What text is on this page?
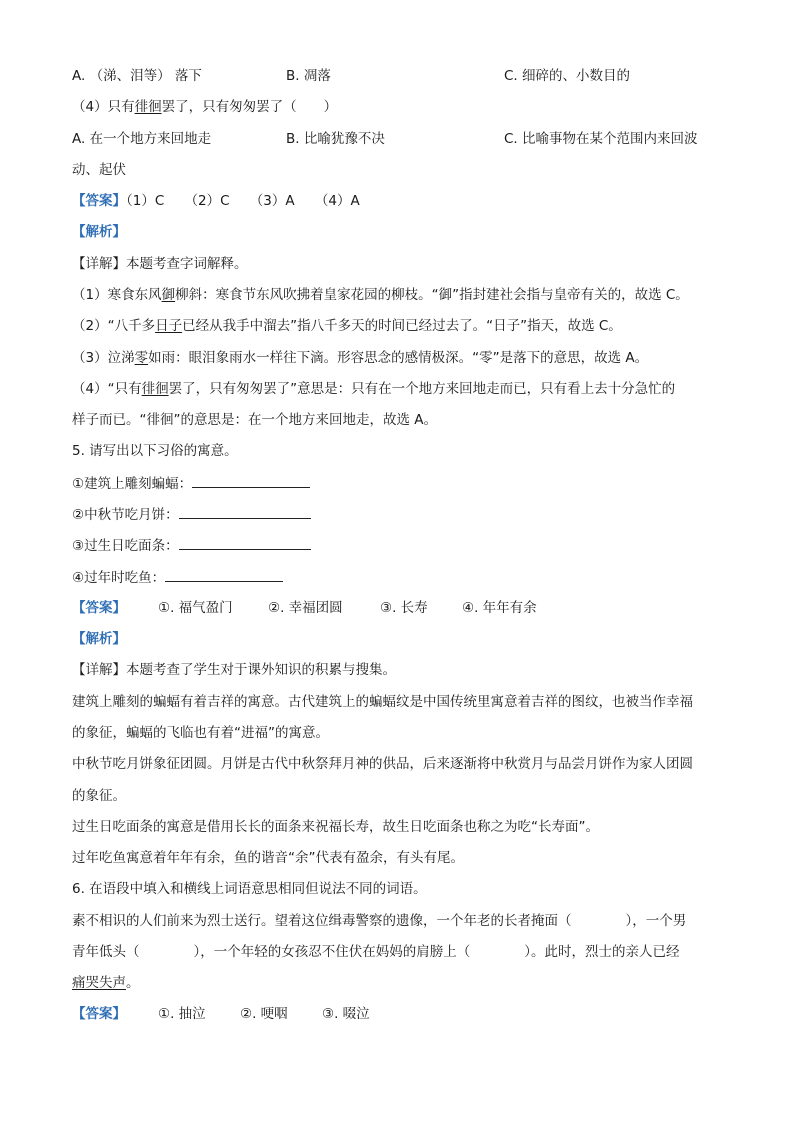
A. （涕、泪等） 落下	B. 凋落	C. 细碎的、小数目的
（4）只有徘徊罢了，只有匆匆罢了（　　）
A. 在一个地方来回地走	B. 比喻犹豫不决	C. 比喻事物在某个范围内来回波
动、起伏
【答案】（1）C　　（2）C　　（3）A　　（4）A
【解析】
【详解】本题考查字词解释。
（1）寒食东风御柳斜：寒食节东风吹拂着皇家花园的柳枝。“御”指封建社会指与皇帝有关的，故选 C。
（2）“八千多日子已经从我手中溜去”指八千多天的时间已经过去了。“日子”指天，故选 C。
（3）泣涕零如雨：眼泪象雨水一样往下滴。形容思念的感情极深。“零”是落下的意思，故选 A。
（4）“只有徘徊罢了，只有匆匆罢了”意思是：只有在一个地方来回地走而已，只有看上去十分急忙的
样子而已。“徘徊”的意思是：在一个地方来回地走，故选 A。
5. 请写出以下习俗的寓意。
①建筑上雕刻蝙蝠：
②中秋节吃月饼：
③过生日吃面条：
④过年时吃鱼：
【答案】 ①. 福气盈门	②. 幸福团圆	③. 长寿	④. 年年有余
【解析】
【详解】本题考查了学生对于课外知识的积累与搜集。
建筑上雕刻的蝙蝠有着吉祥的寓意。古代建筑上的蝙蝠纹是中国传统里寓意着吉祥的图纹，也被当作幸福
的象征，蝙蝠的飞临也有着“进福”的寓意。
中秋节吃月饼象征团圆。月饼是古代中秋祭拜月神的供品，后来逐渐将中秋赏月与品尝月饼作为家人团圆
的象征。
过生日吃面条的寓意是借用长长的面条来祝福长寿，故生日吃面条也称之为吃“长寿面”。
过年吃鱼寓意着年年有余，鱼的谐音“余”代表有盈余，有头有尾。
6. 在语段中填入和横线上词语意思相同但说法不同的词语。
素不相识的人们前来为烈士送行。望着这位缉毒警察的遗像，一个年老的长者掩面（　　　　），一个男
青年低头（　　　　），一个年轻的女孩忍不住伏在妈妈的肩膀上（　　　　）。此时，烈士的亲人已经
痛哭失声。
【答案】 ①. 抽泣	②. 哽咽	③. 啜泣
